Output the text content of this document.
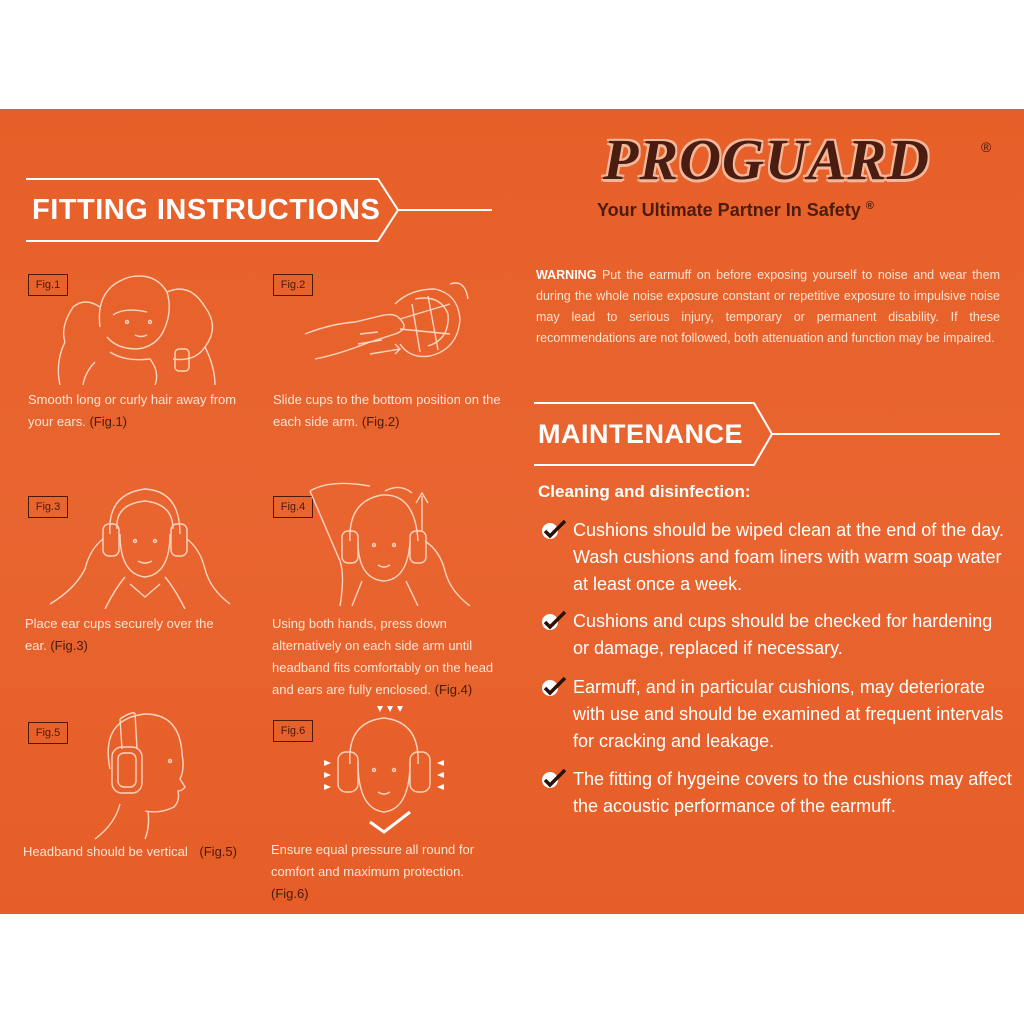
FITTING INSTRUCTIONS
Fig.1
Smooth long or curly hair away from your ears. (Fig.1)
Fig.2
Slide cups to the bottom position on the each side arm. (Fig.2)
Fig.3
Place ear cups securely over the ear. (Fig.3)
Fig.4
Using both hands, press down alternatively on each side arm until headband fits comfortably on the head and ears are fully enclosed. (Fig.4)
Fig.5
Headband should be vertical (Fig.5)
Fig.6
Ensure equal pressure all round for comfort and maximum protection. (Fig.6)
PROGUARD	®
Your Ultimate Partner In Safety ®
WARNING Put the earmuff on before exposing yourself to noise and wear them during the whole noise exposure constant or repetitive exposure to impulsive noise may lead to serious injury, temporary or permanent disability. If these recommendations are not followed, both attenuation and function may be impaired.
MAINTENANCE
Cleaning and disinfection:
Cushions should be wiped clean at the end of the day. Wash cushions and foam liners with warm soap water at least once a week.
Cushions and cups should be checked for hardening or damage, replaced if necessary.
Earmuff, and in particular cushions, may deteriorate with use and should be examined at frequent intervals for cracking and leakage.
The fitting of hygeine covers to the cushions may affect the acoustic performance of the earmuff.
